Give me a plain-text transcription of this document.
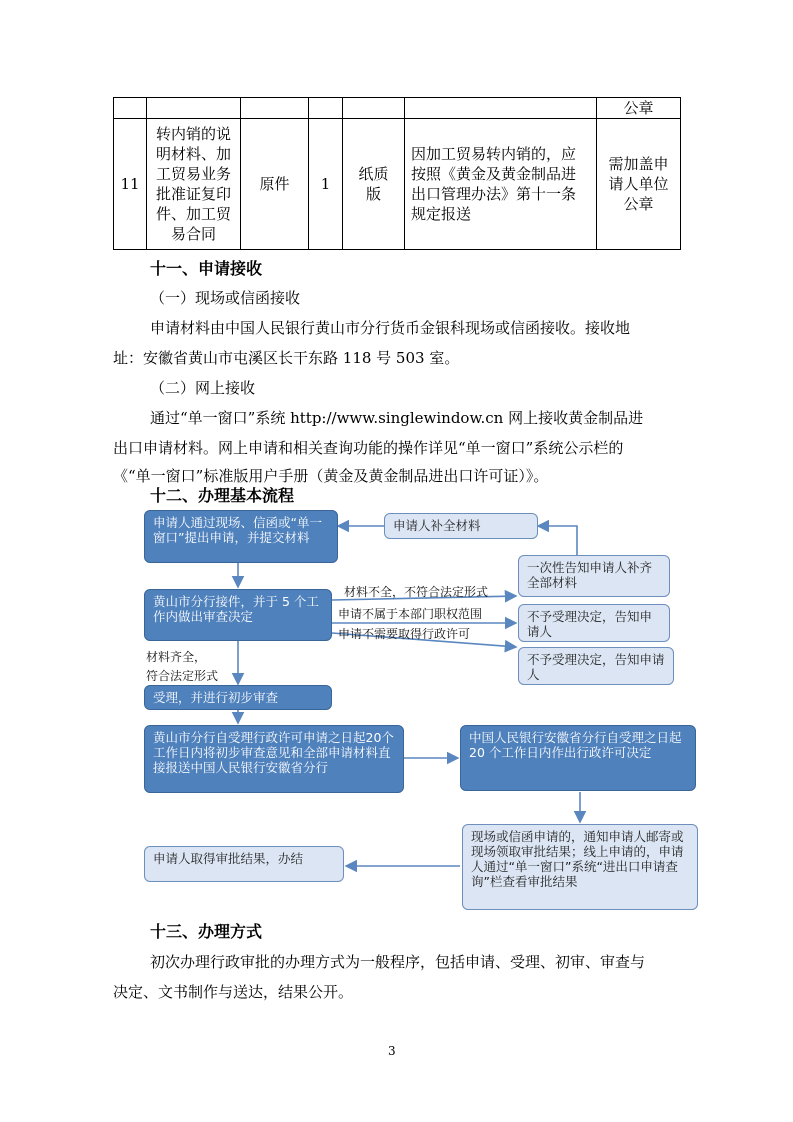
						公章
11	转内销的说明材料、加工贸易业务批准证复印件、加工贸易合同	原件	1	纸质版	因加工贸易转内销的，应按照《黄金及黄金制品进出口管理办法》第十一条规定报送	需加盖申请人单位公章
十一、申请接收
（一）现场或信函接收
申请材料由中国人民银行黄山市分行货币金银科现场或信函接收。接收地
址：安徽省黄山市屯溪区长干东路 118 号 503 室。
（二）网上接收
通过“单一窗口”系统 http://www.singlewindow.cn 网上接收黄金制品进
出口申请材料。网上申请和相关查询功能的操作详见“单一窗口”系统公示栏的
《“单一窗口”标准版用户手册（黄金及黄金制品进出口许可证）》。
十二、办理基本流程
申请人通过现场、信函或“单一窗口”提出申请，并提交材料
申请人补全材料
一次性告知申请人补齐全部材料
黄山市分行接件，并于 5 个工作内做出审查决定	不予受理决定，告知申请人
不予受理决定，告知申请人
受理，并进行初步审查
黄山市分行自受理行政许可申请之日起20个工作日内将初步审查意见和全部申请材料直接报送中国人民银行安徽省分行
中国人民银行安徽省分行自受理之日起 20 个工作日内作出行政许可决定
现场或信函申请的，通知申请人邮寄或现场领取审批结果；线上申请的，申请人通过“单一窗口”系统“进出口申请查询”栏查看审批结果
申请人取得审批结果，办结
材料不全，不符合法定形式
申请不属于本部门职权范围
申请不需要取得行政许可
材料齐全，
符合法定形式
十三、办理方式
初次办理行政审批的办理方式为一般程序，包括申请、受理、初审、审查与
决定、文书制作与送达，结果公开。
3
